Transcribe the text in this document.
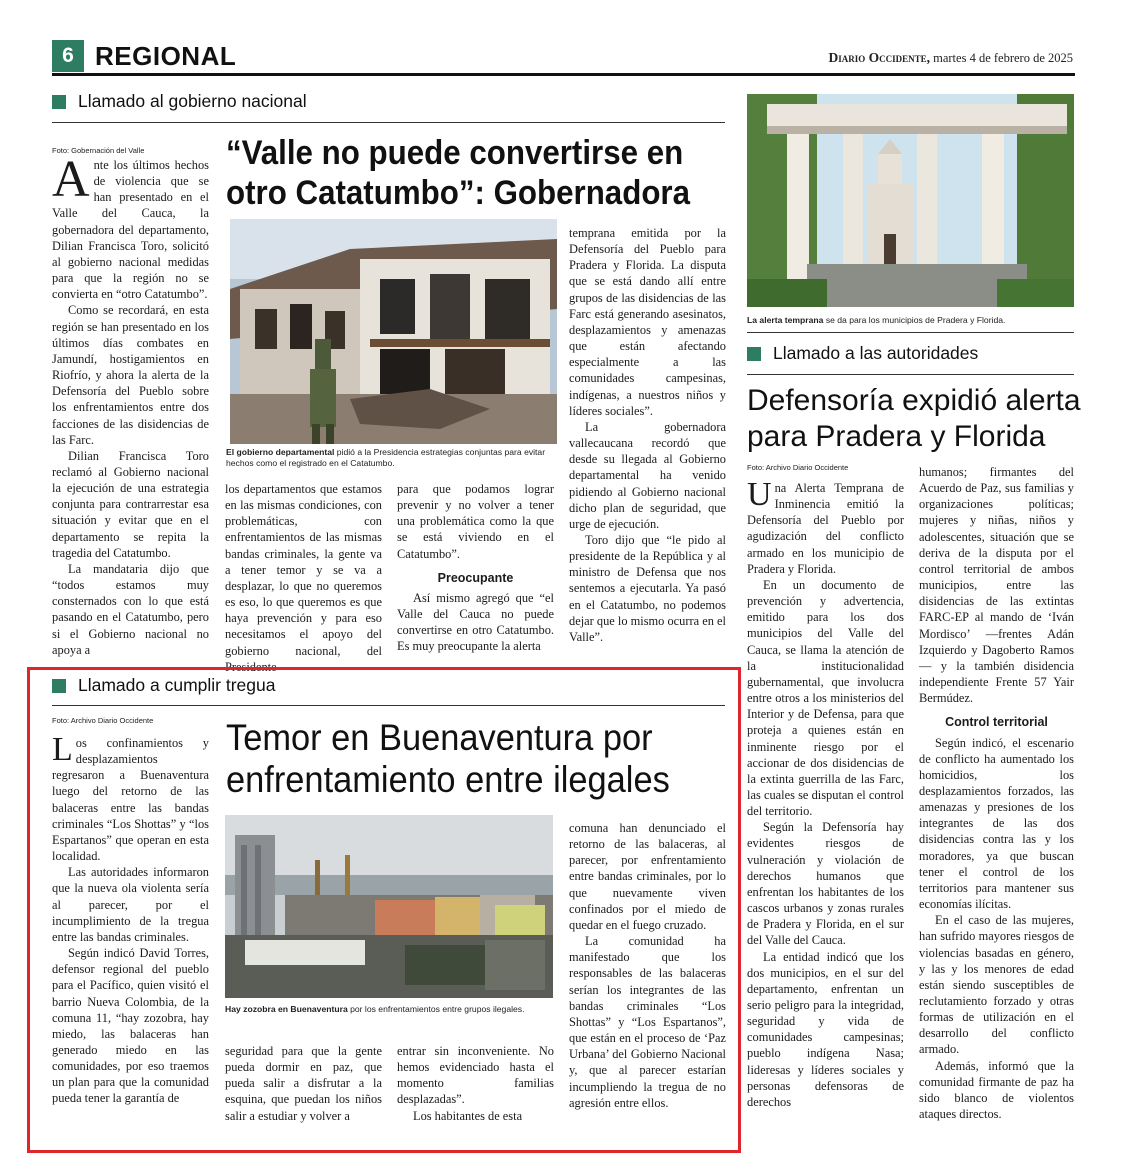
6 REGIONAL	Diario Occidente, martes 4 de febrero de 2025
Llamado al gobierno nacional
Foto: Gobernación del Valle “Valle no puede convertirse en
otro Catatumbo”: Gobernadora
El gobierno departamental pidió a la Presidencia estrategias conjuntas para evitar hechos como el registrado en el Catatumbo.

Ante los últimos hechos de violencia que se han presentado en el Valle del Cauca, la gobernadora del departamento, Dilian Francisca Toro, solicitó al gobierno nacional medidas para que la región no se convierta en “otro Catatumbo”.

Como se recordará, en esta región se han presentado en los últimos días combates en Jamundí, hostigamientos en Riofrío, y ahora la alerta de la Defensoría del Pueblo sobre los enfrentamientos entre dos facciones de las disidencias de las Farc.

Dilian Francisca Toro reclamó al Gobierno nacional la ejecución de una estrategia conjunta para contrarrestar esa situación y evitar que en el departamento se repita la tragedia del Catatumbo.

La mandataria dijo que “todos estamos muy consternados con lo que está pasando en el Catatumbo, pero si el Gobierno nacional no apoya a

los departamentos que estamos en las mismas condiciones, con problemáticas, con enfrentamientos de las mismas bandas criminales, la gente va a tener temor y se va a desplazar, lo que no queremos es eso, lo que queremos es que haya prevención y para eso necesitamos el apoyo del gobierno nacional, del Presidente

para que podamos lograr prevenir y no volver a tener una problemática como la que se está viviendo en el Catatumbo”.

Preocupante

Así mismo agregó que “el Valle del Cauca no puede convertirse en otro Catatumbo. Es muy preocupante la alerta

temprana emitida por la Defensoría del Pueblo para Pradera y Florida. La disputa que se está dando allí entre grupos de las disidencias de las Farc está generando asesinatos, desplazamientos y amenazas que están afectando especialmente a las comunidades campesinas, indígenas, a nuestros niños y líderes sociales”.

La gobernadora vallecaucana recordó que desde su llegada al Gobierno departamental ha venido pidiendo al Gobierno nacional dicho plan de seguridad, que urge de ejecución.

Toro dijo que “le pido al presidente de la República y al ministro de Defensa que nos sentemos a ejecutarla. Ya pasó en el Catatumbo, no podemos dejar que lo mismo ocurra en el Valle”.

La alerta temprana se da para los municipios de Pradera y Florida.
Llamado a las autoridades
Defensoría expidió alerta
para Pradera y Florida
Foto: Archivo Diario Occidente

Una Alerta Temprana de Inminencia emitió la Defensoría del Pueblo por agudización del conflicto armado en los municipio de Pradera y Florida.

En un documento de prevención y advertencia, emitido para los dos municipios del Valle del Cauca, se llama la atención de la institucionalidad gubernamental, que involucra entre otros a los ministerios del Interior y de Defensa, para que proteja a quienes están en inminente riesgo por el accionar de dos disidencias de la extinta guerrilla de las Farc, las cuales se disputan el control del territorio.

Según la Defensoría hay evidentes riesgos de vulneración y violación de derechos humanos que enfrentan los habitantes de los cascos urbanos y zonas rurales de Pradera y Florida, en el sur del Valle del Cauca.

La entidad indicó que los dos municipios, en el sur del departamento, enfrentan un serio peligro para la integridad, seguridad y vida de comunidades campesinas; pueblo indígena Nasa; lideresas y líderes sociales y personas defensoras de derechos

humanos; firmantes del Acuerdo de Paz, sus familias y organizaciones políticas; mujeres y niñas, niños y adolescentes, situación que se deriva de la disputa por el control territorial de ambos municipios, entre las disidencias de las extintas FARC-EP al mando de ‘Iván Mordisco’ —frentes Adán Izquierdo y Dagoberto Ramos— y la también disidencia independiente Frente 57 Yair Bermúdez.

Control territorial

Según indicó, el escenario de conflicto ha aumentado los homicidios, los desplazamientos forzados, las amenazas y presiones de los integrantes de las dos disidencias contra las y los moradores, ya que buscan tener el control de los territorios para mantener sus economías ilícitas.

En el caso de las mujeres, han sufrido mayores riesgos de violencias basadas en género, y las y los menores de edad están siendo susceptibles de reclutamiento forzado y otras formas de utilización en el desarrollo del conflicto armado.

Además, informó que la comunidad firmante de paz ha sido blanco de violentos ataques directos.

Llamado a cumplir tregua
Foto: Archivo Diario Occidente Temor en Buenaventura por
enfrentamiento entre ilegales
Hay zozobra en Buenaventura por los enfrentamientos entre grupos ilegales.

Los confinamientos y desplazamientos regresaron a Buenaventura luego del retorno de las balaceras entre las bandas criminales “Los Shottas” y “los Espartanos” que operan en esta localidad.

Las autoridades informaron que la nueva ola violenta sería al parecer, por el incumplimiento de la tregua entre las bandas criminales.

Según indicó David Torres, defensor regional del pueblo para el Pacífico, quien visitó el barrio Nueva Colombia, de la comuna 11, “hay zozobra, hay miedo, las balaceras han generado miedo en las comunidades, por eso traemos un plan para que la comunidad pueda tener la garantía de

seguridad para que la gente pueda dormir en paz, que pueda salir a disfrutar a la esquina, que puedan los niños salir a estudiar y volver a

entrar sin inconveniente. No hemos evidenciado hasta el momento familias desplazadas”.

Los habitantes de esta

comuna han denunciado el retorno de las balaceras, al parecer, por enfrentamiento entre bandas criminales, por lo que nuevamente viven confinados por el miedo de quedar en el fuego cruzado.

La comunidad ha manifestado que los responsables de las balaceras serían los integrantes de las bandas criminales “Los Shottas” y “Los Espartanos”, que están en el proceso de ‘Paz Urbana’ del Gobierno Nacional y, que al parecer estarían incumpliendo la tregua de no agresión entre ellos.
